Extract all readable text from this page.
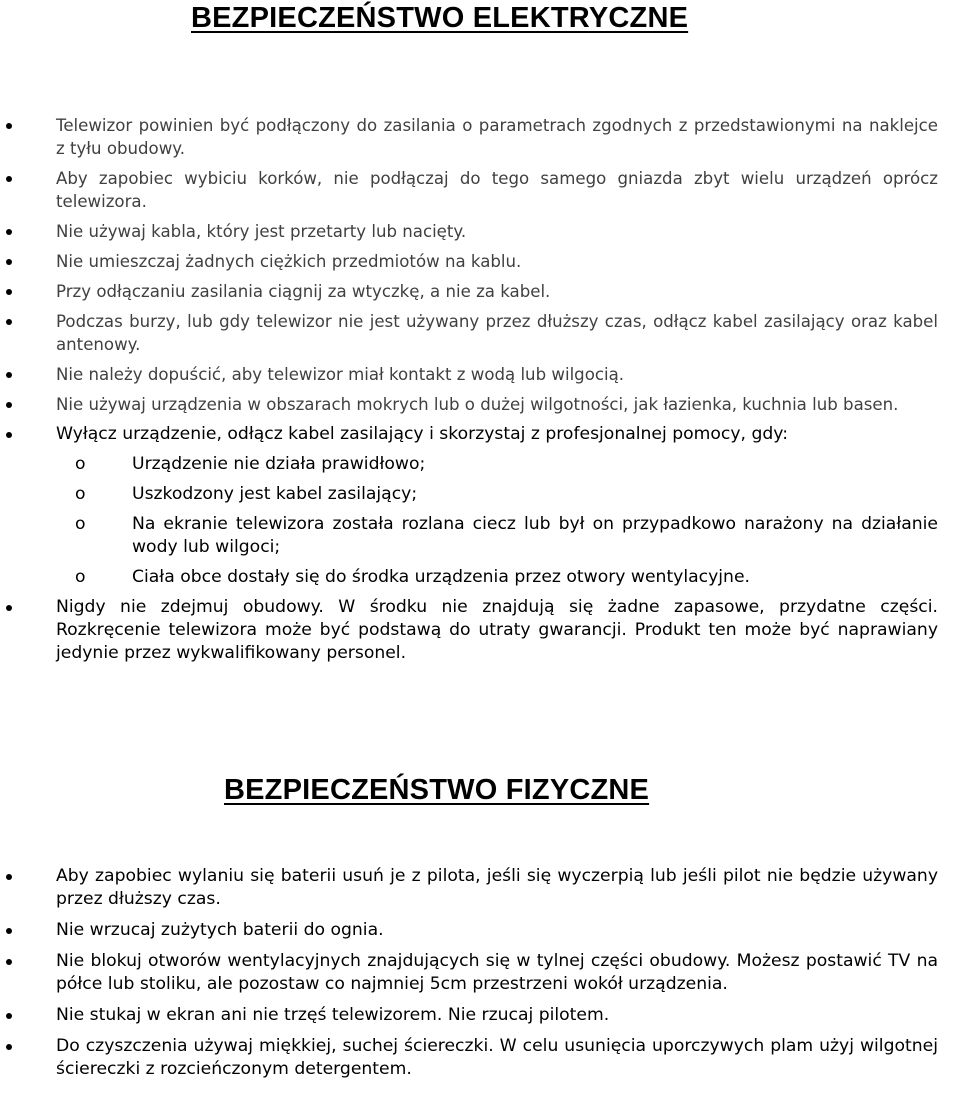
BEZPIECZEŃSTWO ELEKTRYCZNE
Telewizor powinien być podłączony do zasilania o parametrach zgodnych z przedstawionymi na naklejce z tyłu obudowy.
Aby zapobiec wybiciu korków, nie podłączaj do tego samego gniazda zbyt wielu urządzeń oprócz telewizora.
Nie używaj kabla, który jest przetarty lub nacięty.
Nie umieszczaj żadnych ciężkich przedmiotów na kablu.
Przy odłączaniu zasilania ciągnij za wtyczkę, a nie za kabel.
Podczas burzy, lub gdy telewizor nie jest używany przez dłuższy czas, odłącz kabel zasilający oraz kabel antenowy.
Nie należy dopuścić, aby telewizor miał kontakt z wodą lub wilgocią.
Nie używaj urządzenia w obszarach mokrych lub o dużej wilgotności, jak łazienka, kuchnia lub basen.
Wyłącz urządzenie, odłącz kabel zasilający i skorzystaj z profesjonalnej pomocy, gdy:
o	Urządzenie nie działa prawidłowo;
o	Uszkodzony jest kabel zasilający;
o	Na ekranie telewizora została rozlana ciecz lub był on przypadkowo narażony na działanie wody lub wilgoci;
o	Ciała obce dostały się do środka urządzenia przez otwory wentylacyjne.
Nigdy nie zdejmuj obudowy. W środku nie znajdują się żadne zapasowe, przydatne części. Rozkręcenie telewizora może być podstawą do utraty gwarancji. Produkt ten może być naprawiany jedynie przez wykwalifikowany personel.
BEZPIECZEŃSTWO FIZYCZNE
Aby zapobiec wylaniu się baterii usuń je z pilota, jeśli się wyczerpią lub jeśli pilot nie będzie używany przez dłuższy czas.
Nie wrzucaj zużytych baterii do ognia.
Nie blokuj otworów wentylacyjnych znajdujących się w tylnej części obudowy. Możesz postawić TV na półce lub stoliku, ale pozostaw co najmniej 5cm przestrzeni wokół urządzenia.
Nie stukaj w ekran ani nie trzęś telewizorem. Nie rzucaj pilotem.
Do czyszczenia używaj miękkiej, suchej ściereczki. W celu usunięcia uporczywych plam użyj wilgotnej ściereczki z rozcieńczonym detergentem.
